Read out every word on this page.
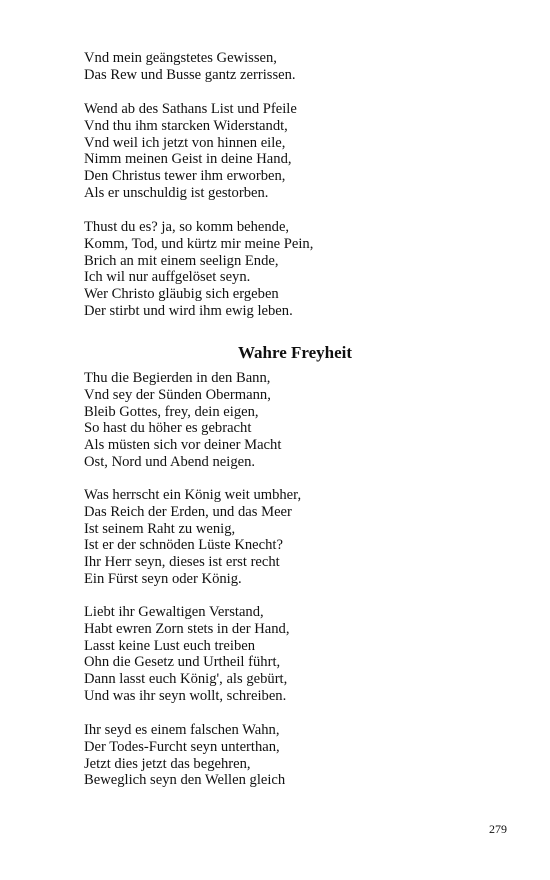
Vnd mein geängstetes Gewissen,
Das Rew und Busse gantz zerrissen.
Wend ab des Sathans List und Pfeile
Vnd thu ihm starcken Widerstandt,
Vnd weil ich jetzt von hinnen eile,
Nimm meinen Geist in deine Hand,
Den Christus tewer ihm erworben,
Als er unschuldig ist gestorben.
Thust du es? ja, so komm behende,
Komm, Tod, und kürtz mir meine Pein,
Brich an mit einem seelign Ende,
Ich wil nur auffgelöset seyn.
Wer Christo gläubig sich ergeben
Der stirbt und wird ihm ewig leben.
Wahre Freyheit
Thu die Begierden in den Bann,
Vnd sey der Sünden Obermann,
Bleib Gottes, frey, dein eigen,
So hast du höher es gebracht
Als müsten sich vor deiner Macht
Ost, Nord und Abend neigen.
Was herrscht ein König weit umbher,
Das Reich der Erden, und das Meer
Ist seinem Raht zu wenig,
Ist er der schnöden Lüste Knecht?
Ihr Herr seyn, dieses ist erst recht
Ein Fürst seyn oder König.
Liebt ihr Gewaltigen Verstand,
Habt ewren Zorn stets in der Hand,
Lasst keine Lust euch treiben
Ohn die Gesetz und Urtheil führt,
Dann lasst euch König', als gebürt,
Und was ihr seyn wollt, schreiben.
Ihr seyd es einem falschen Wahn,
Der Todes-Furcht seyn unterthan,
Jetzt dies jetzt das begehren,
Beweglich seyn den Wellen gleich
279
